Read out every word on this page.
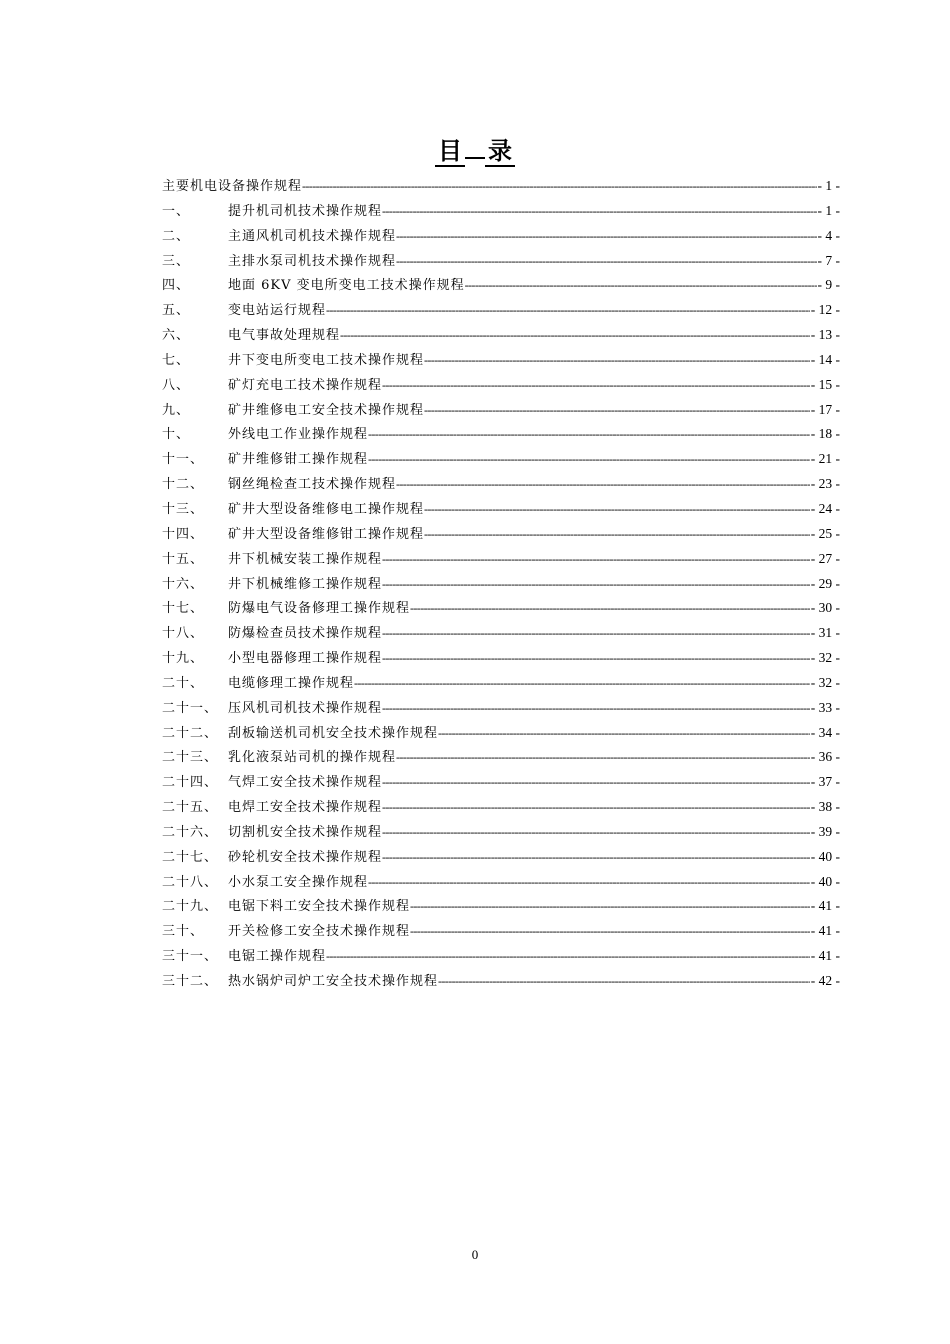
目 录
主要机电设备操作规程 -----	- 1 -
一、	提升机司机技术操作规程 -----	- 1 -
二、	主通风机司机技术操作规程 -----	- 4 -
三、	主排水泵司机技术操作规程 -----	- 7 -
四、	地面 6KV 变电所变电工技术操作规程 -----	- 9 -
五、	变电站运行规程 -----	- 12 -
六、	电气事故处理规程 -----	- 13 -
七、	井下变电所变电工技术操作规程 -----	- 14 -
八、	矿灯充电工技术操作规程 -----	- 15 -
九、	矿井维修电工安全技术操作规程 -----	- 17 -
十、	外线电工作业操作规程 -----	- 18 -
十一、	矿井维修钳工操作规程 -----	- 21 -
十二、	钢丝绳检查工技术操作规程 -----	- 23 -
十三、	矿井大型设备维修电工操作规程 -----	- 24 -
十四、	矿井大型设备维修钳工操作规程 -----	- 25 -
十五、	井下机械安装工操作规程 -----	- 27 -
十六、	井下机械维修工操作规程 -----	- 29 -
十七、	防爆电气设备修理工操作规程 -----	- 30 -
十八、	防爆检查员技术操作规程 -----	- 31 -
十九、	小型电器修理工操作规程 -----	- 32 -
二十、	电缆修理工操作规程 -----	- 32 -
二十一、 压风机司机技术操作规程 -----	- 33 -
二十二、 刮板输送机司机安全技术操作规程 -----	- 34 -
二十三、 乳化液泵站司机的操作规程 -----	- 36 -
二十四、 气焊工安全技术操作规程 -----	- 37 -
二十五、 电焊工安全技术操作规程 -----	- 38 -
二十六、 切割机安全技术操作规程 -----	- 39 -
二十七、 砂轮机安全技术操作规程 -----	- 40 -
二十八、 小水泵工安全操作规程 -----	- 40 -
二十九、 电锯下料工安全技术操作规程 -----	- 41 -
三十、	开关检修工安全技术操作规程 -----	- 41 -
三十一、 电锯工操作规程 -----	- 41 -
三十二、 热水锅炉司炉工安全技术操作规程 -----	- 42 -
0
